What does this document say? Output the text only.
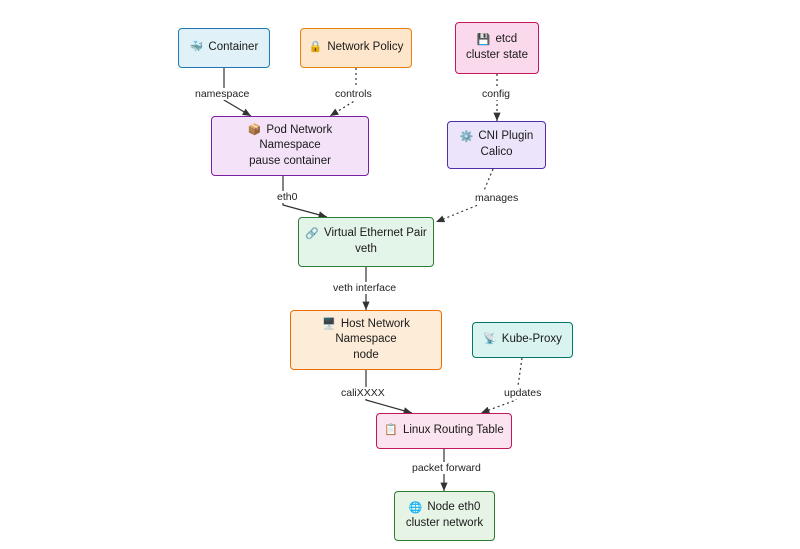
🐳 Container	🔒 Network Policy
💾 etcd
cluster state
📦 Pod Network
Namespace
pause container
⚙️ CNI Plugin
Calico
🔗 Virtual Ethernet Pair
veth
🖥️ Host Network
Namespace
node
📡 Kube-Proxy
📋 Linux Routing Table
🌐 Node eth0
cluster network
namespace	controls	config
eth0	manages
veth interface
caliXXXX	updates
packet forward
